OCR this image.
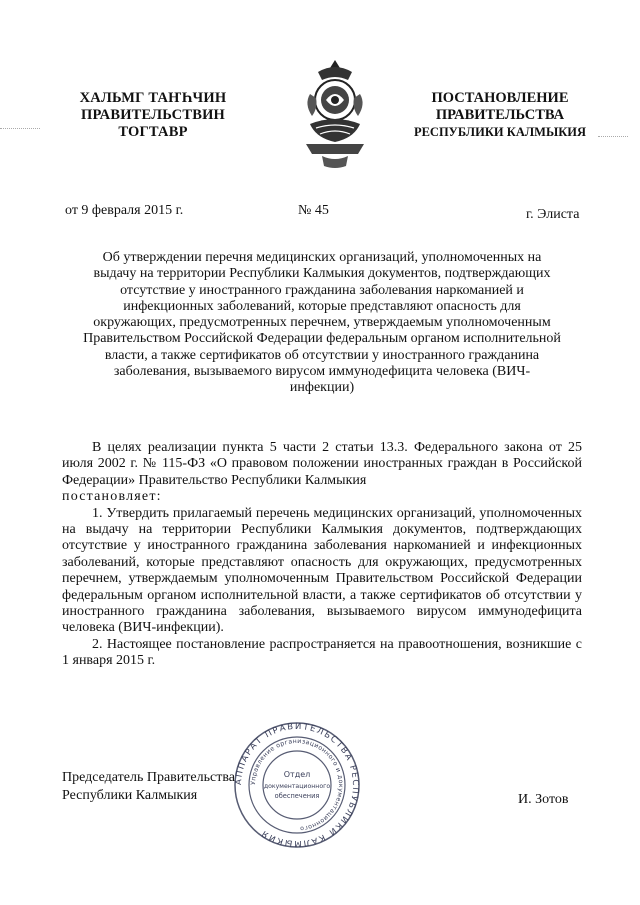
ХАЛЬМГ ТАҤҺЧИН
ПРАВИТЕЛЬСТВИН
ТОГТАВР
ПОСТАНОВЛЕНИЕ
ПРАВИТЕЛЬСТВА
РЕСПУБЛИКИ КАЛМЫКИЯ
от 9 февраля 2015 г.	№ 45	г. Элиста
Об утверждении перечня медицинских организаций, уполномоченных на
выдачу на территории Республики Калмыкия документов, подтверждающих
отсутствие у иностранного гражданина заболевания наркоманией и
инфекционных заболеваний, которые представляют опасность для
окружающих, предусмотренных перечнем, утверждаемым уполномоченным
Правительством Российской Федерации федеральным органом исполнительной
власти, а также сертификатов об отсутствии у иностранного гражданина
заболевания, вызываемого вирусом иммунодефицита человека (ВИЧ-
инфекции)

В целях реализации пункта 5 части 2 статьи 13.3. Федерального закона от 25 июля 2002 г. № 115-ФЗ «О правовом положении иностранных граждан в Российской Федерации» Правительство Республики Калмыкия

постановляет:

1. Утвердить прилагаемый перечень медицинских организаций, уполномоченных на выдачу на территории Республики Калмыкия документов, подтверждающих отсутствие у иностранного гражданина заболевания наркоманией и инфекционных заболеваний, которые представляют опасность для окружающих, предусмотренных перечнем, утверждаемым уполномоченным Правительством Российской Федерации федеральным органом исполнительной власти, а также сертификатов об отсутствии у иностранного гражданина заболевания, вызываемого вирусом иммунодефицита человека (ВИЧ-инфекции).

2. Настоящее постановление распространяется на правоотношения, возникшие с 1 января 2015 г.

Председатель Правительства
Республики Калмыкия	И. Зотов
АППАРАТ ПРАВИТЕЛЬСТВА РЕСПУБЛИКИ КАЛМЫКИЯ
Управление организационного и документационного
Отдел
документационного
обеспечения
